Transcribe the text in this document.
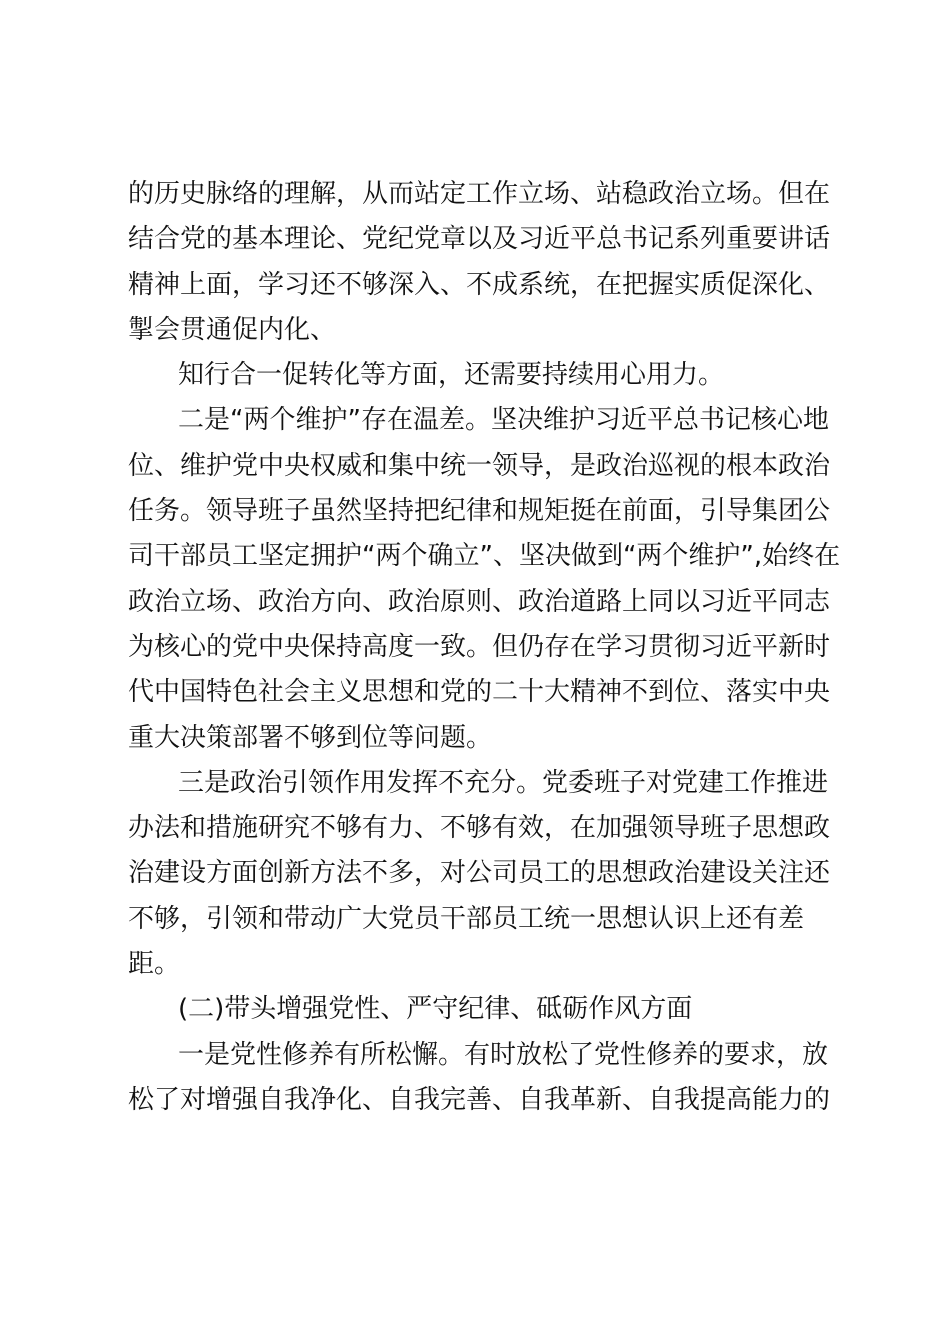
的历史脉络的理解，从而站定工作立场、站稳政治立场。但在
结合党的基本理论、党纪党章以及习近平总书记系列重要讲话
精神上面，学习还不够深入、不成系统，在把握实质促深化、
掣会贯通促内化、
知行合一促转化等方面，还需要持续用心用力。
二是“两个维护”存在温差。坚决维护习近平总书记核心地
位、维护党中央权威和集中统一领导，是政治巡视的根本政治
任务。领导班子虽然坚持把纪律和规矩挺在前面，引导集团公
司干部员工坚定拥护“两个确立”、坚决做到“两个维护”,始终在
政治立场、政治方向、政治原则、政治道路上同以习近平同志
为核心的党中央保持高度一致。但仍存在学习贯彻习近平新时
代中国特色社会主义思想和党的二十大精神不到位、落实中央
重大决策部署不够到位等问题。
三是政治引领作用发挥不充分。党委班子对党建工作推进
办法和措施研究不够有力、不够有效，在加强领导班子思想政
治建设方面创新方法不多，对公司员工的思想政治建设关注还
不够，引领和带动广大党员干部员工统一思想认识上还有差
距。
(二)带头增强党性、严守纪律、砥砺作风方面
一是党性修养有所松懈。有时放松了党性修养的要求，放
松了对增强自我净化、自我完善、自我革新、自我提高能力的
